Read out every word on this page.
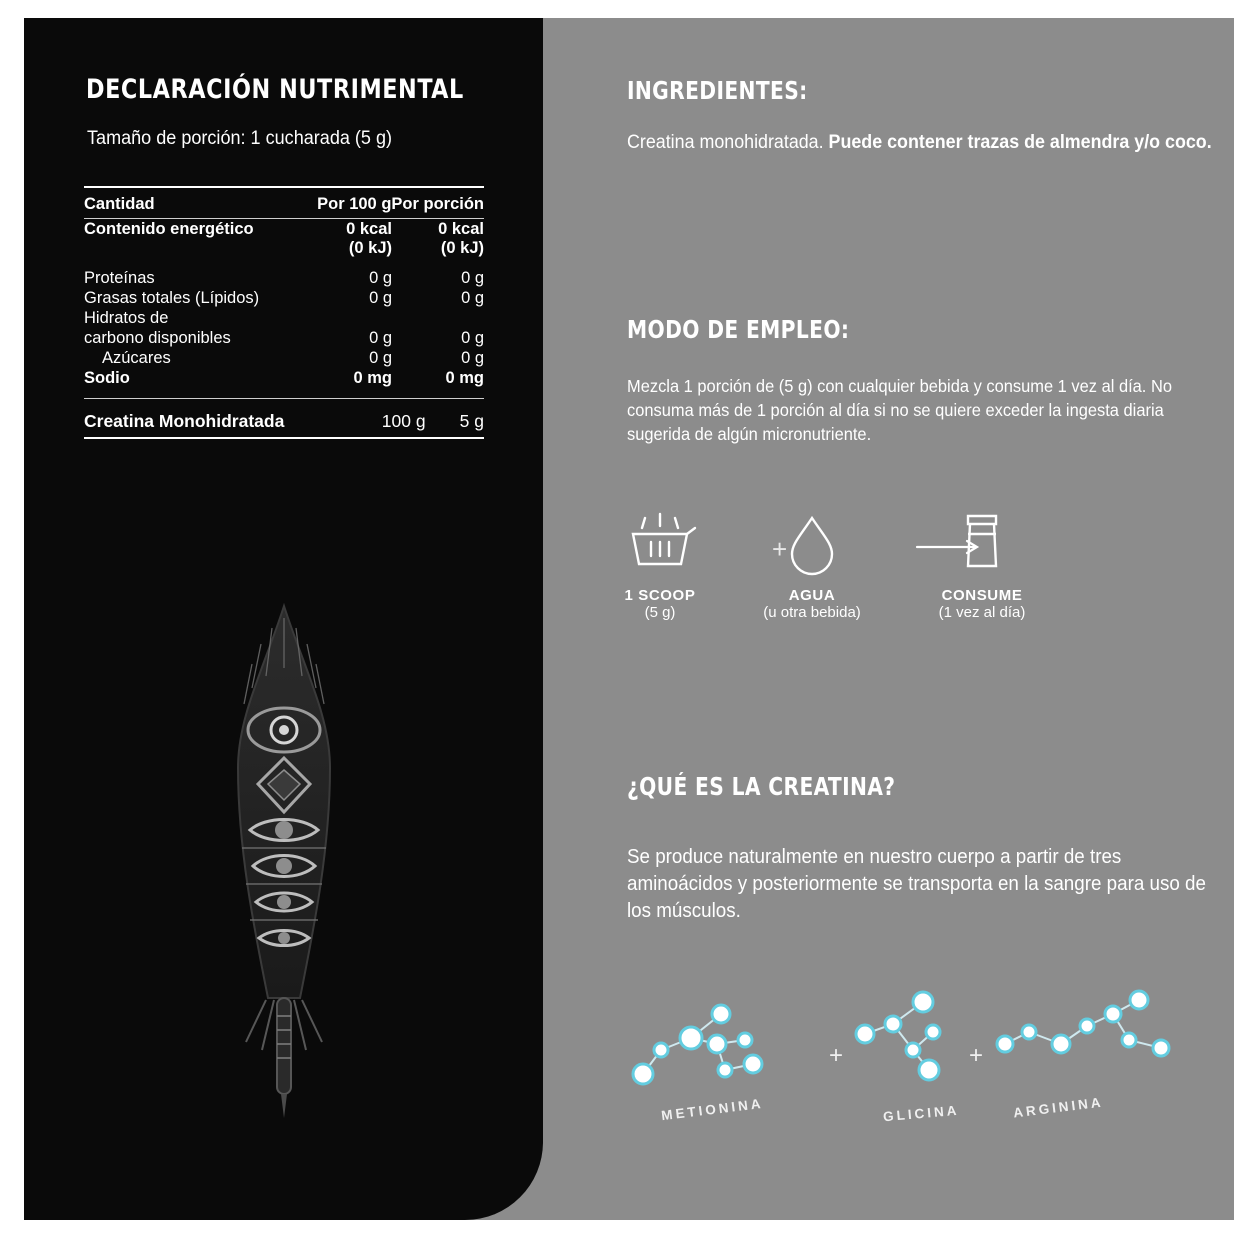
DECLARACIÓN NUTRIMENTAL
Tamaño de porción: 1 cucharada (5 g)
Cantidad	Por 100 g	Por porción
Contenido energético	0 kcal	0 kcal
	(0 kJ)	(0 kJ)

Proteínas	0 g	0 g
Grasas totales (Lípidos)	0 g	0 g
Hidratos de		
carbono disponibles	0 g	0 g
Azúcares	0 g	0 g
Sodio	0 mg	0 mg
Creatina Monohidratada	100 g	5 g
INGREDIENTES:
Creatina monohidratada. Puede contener trazas de almendra y/o coco.
MODO DE EMPLEO:
Mezcla 1 porción de (5 g) con cualquier bebida y consume 1 vez al día. No consuma más de 1 porción al día si no se quiere exceder la ingesta diaria sugerida de algún micronutriente.
1 SCOOP
(5 g)
+
AGUA
(u otra bebida)
CONSUME
(1 vez al día)
¿QUÉ ES LA CREATINA?
Se produce naturalmente en nuestro cuerpo a partir de tres aminoácidos y posteriormente se transporta en la sangre para uso de los músculos.
METIONINA	GLICINA	ARGININA
+	+
